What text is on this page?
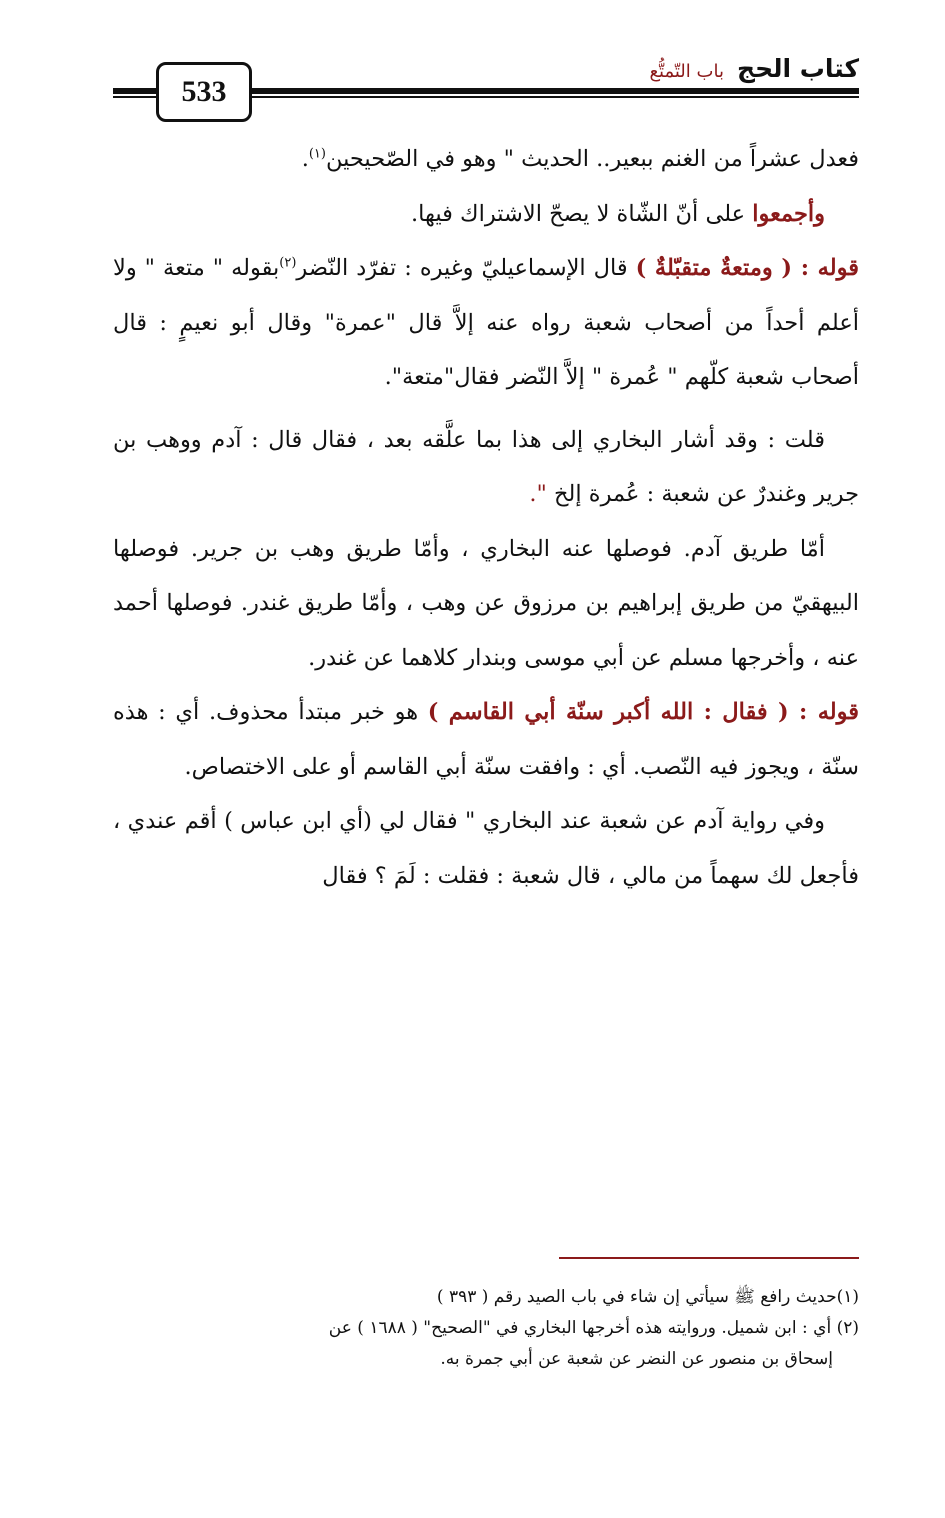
كتاب الحج باب التّمتُّع
533

فعدل عشراً من الغنم ببعير.. الحديث " وهو في الصّحيحين$^{(١)}$.

وأجمعوا على أنّ الشّاة لا يصحّ الاشتراك فيها.

قوله : ( ومتعةٌ متقبّلةٌ ) قال الإسماعيليّ وغيره : تفرّد النّضر$^{(٢)}$بقوله " متعة " ولا أعلم أحداً من أصحاب شعبة رواه عنه إلاَّ قال "عمرة" وقال أبو نعيمٍ : قال أصحاب شعبة كلّهم " عُمرة " إلاَّ النّضر فقال"متعة".

قلت : وقد أشار البخاري إلى هذا بما علَّقه بعد ، فقال قال : آدم ووهب بن جرير وغندرٌ عن شعبة : عُمرة إلخ ".

أمّا طريق آدم. فوصلها عنه البخاري ، وأمّا طريق وهب بن جرير. فوصلها البيهقيّ من طريق إبراهيم بن مرزوق عن وهب ، وأمّا طريق غندر. فوصلها أحمد عنه ، وأخرجها مسلم عن أبي موسى وبندار كلاهما عن غندر.

قوله : ( فقال : الله أكبر سنّة أبي القاسم ) هو خبر مبتدأ محذوف. أي : هذه سنّة ، ويجوز فيه النّصب. أي : وافقت سنّة أبي القاسم أو على الاختصاص.

وفي رواية آدم عن شعبة عند البخاري " فقال لي (أي ابن عباس ) أقم عندي ، فأجعل لك سهماً من مالي ، قال شعبة : فقلت : لَمَ ؟ فقال

(١)حديث رافع ﷺ سيأتي إن شاء في باب الصيد رقم ( ٣٩٣ )

(٢) أي : ابن شميل. وروايته هذه أخرجها البخاري في "الصحيح" ( ١٦٨٨ ) عن

إسحاق بن منصور عن النضر عن شعبة عن أبي جمرة به.
